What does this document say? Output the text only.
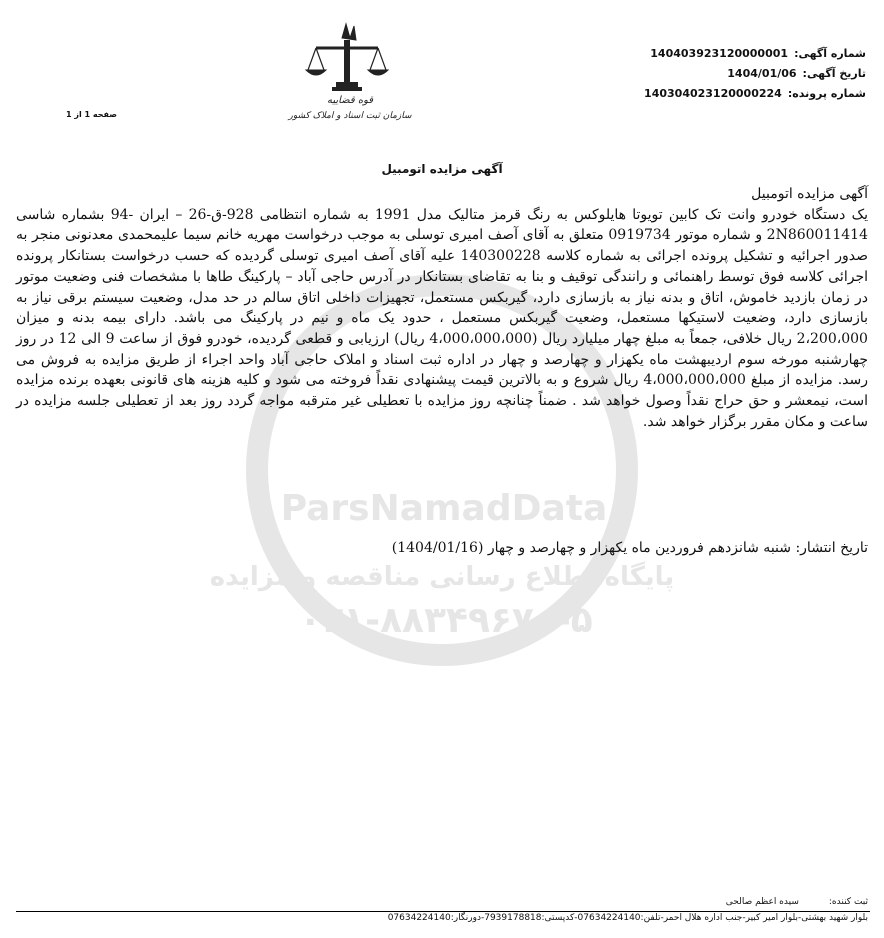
ParsNamadData
پایگاه اطلاع رسانی مناقصه و مزایده
۰۲۱-۸۸۳۴۹۶۷۰-۵
شماره آگهی:
140403923120000001
تاریخ آگهی:
1404/01/06
شماره پرونده:
140304023120000224
قوه قضاییه
سازمان ثبت اسناد و املاک کشور
صفحه 1 از 1
آگهی مزایده اتومبیل
آگهی مزایده اتومبیل
یک دستگاه خودرو وانت تک کابین تویوتا هایلوکس به رنگ قرمز متالیک مدل 1991 به شماره انتظامی 928-ق-26 – ایران -94 بشماره شاسی 2N860011414 و شماره موتور 0919734 متعلق به آقای آصف امیری توسلی به موجب درخواست مهریه خانم سیما علیمحمدی معدنونی منجر به صدور اجرائیه و تشکیل پرونده اجرائی به شماره کلاسه 140300228 علیه آقای آصف امیری توسلی گردیده که حسب درخواست بستانکار پرونده اجرائی کلاسه فوق توسط راهنمائی و رانندگی توقیف و بنا به تقاضای بستانکار در آدرس حاجی آباد – پارکینگ طاها با مشخصات فنی وضعیت موتور در زمان بازدید خاموش، اتاق و بدنه نیاز به بازسازی دارد، گیربکس مستعمل، تجهیزات داخلی اتاق سالم در حد مدل، وضعیت سیستم برقی نیاز به بازسازی دارد، وضعیت لاستیکها مستعمل، وضعیت گیربکس مستعمل ، حدود یک ماه و نیم در پارکینگ می باشد. دارای بیمه بدنه و میزان 2،200،000 ریال خلافی، جمعاً به مبلغ چهار میلیارد ریال (4،000،000،000 ریال) ارزیابی و قطعی گردیده، خودرو فوق از ساعت 9 الی 12 در روز چهارشنبه مورخه سوم اردیبهشت ماه یکهزار و چهارصد و چهار در اداره ثبت اسناد و املاک حاجی آباد واحد اجراء از طریق مزایده به فروش می رسد. مزایده از مبلغ 4،000،000،000 ریال شروع و به بالاترین قیمت پیشنهادی نقداً فروخته می شود و کلیه هزینه های قانونی بعهده برنده مزایده است، نیمعشر و حق حراج نقداً وصول خواهد شد . ضمناً چنانچه روز مزایده با تعطیلی غیر مترقبه مواجه گردد روز بعد از تعطیلی جلسه مزایده در ساعت و مکان مقرر برگزار خواهد شد.
تاریخ انتشار: شنبه شانزدهم فروردین ماه یکهزار و چهارصد و چهار (1404/01/16)
ثبت کننده:
سیده اعظم صالحی
بلوار شهید بهشتی-بلوار امیر کبیر-جنب اداره هلال احمر-تلفن:07634224140-کدپستی:7939178818-دورنگار:07634224140
